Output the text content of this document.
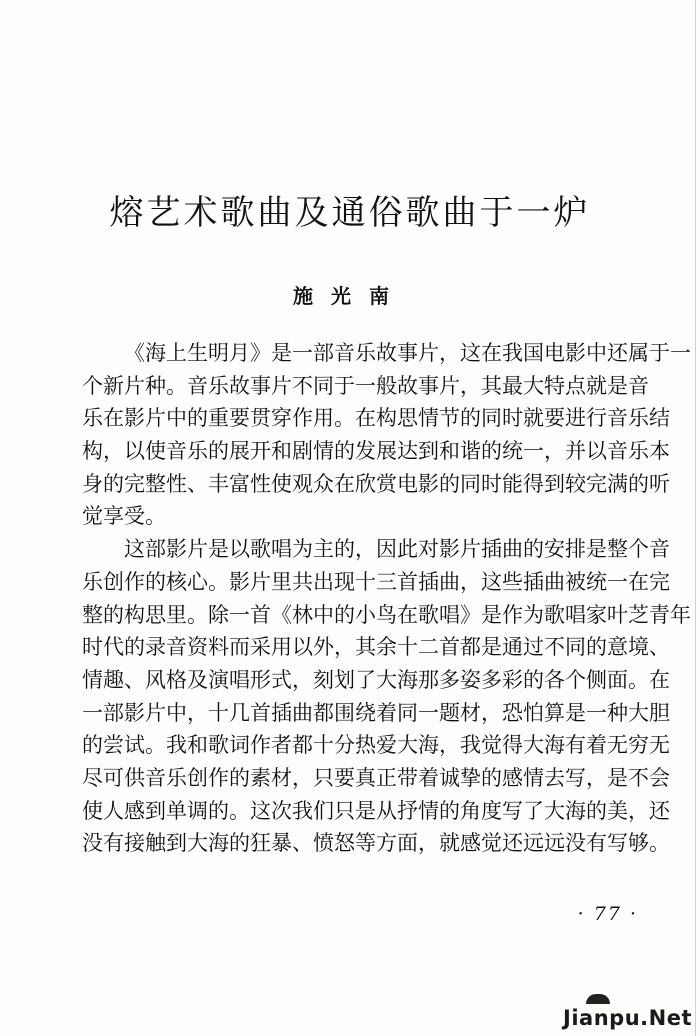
熔艺术歌曲及通俗歌曲于一炉
施光南
《海上生明月》是一部音乐故事片，这在我国电影中还属于一
个新片种。音乐故事片不同于一般故事片，其最大特点就是音
乐在影片中的重要贯穿作用。在构思情节的同时就要进行音乐结
构，以使音乐的展开和剧情的发展达到和谐的统一，并以音乐本
身的完整性、丰富性使观众在欣赏电影的同时能得到较完满的听
觉享受。
这部影片是以歌唱为主的，因此对影片插曲的安排是整个音
乐创作的核心。影片里共出现十三首插曲，这些插曲被统一在完
整的构思里。除一首《林中的小鸟在歌唱》是作为歌唱家叶芝青年
时代的录音资料而采用以外，其余十二首都是通过不同的意境、
情趣、风格及演唱形式，刻划了大海那多姿多彩的各个侧面。在
一部影片中，十几首插曲都围绕着同一题材，恐怕算是一种大胆
的尝试。我和歌词作者都十分热爱大海，我觉得大海有着无穷无
尽可供音乐创作的素材，只要真正带着诚挚的感情去写，是不会
使人感到单调的。这次我们只是从抒情的角度写了大海的美，还
没有接触到大海的狂暴、愤怒等方面，就感觉还远远没有写够。
· 77 ·
Jianpu.Net
